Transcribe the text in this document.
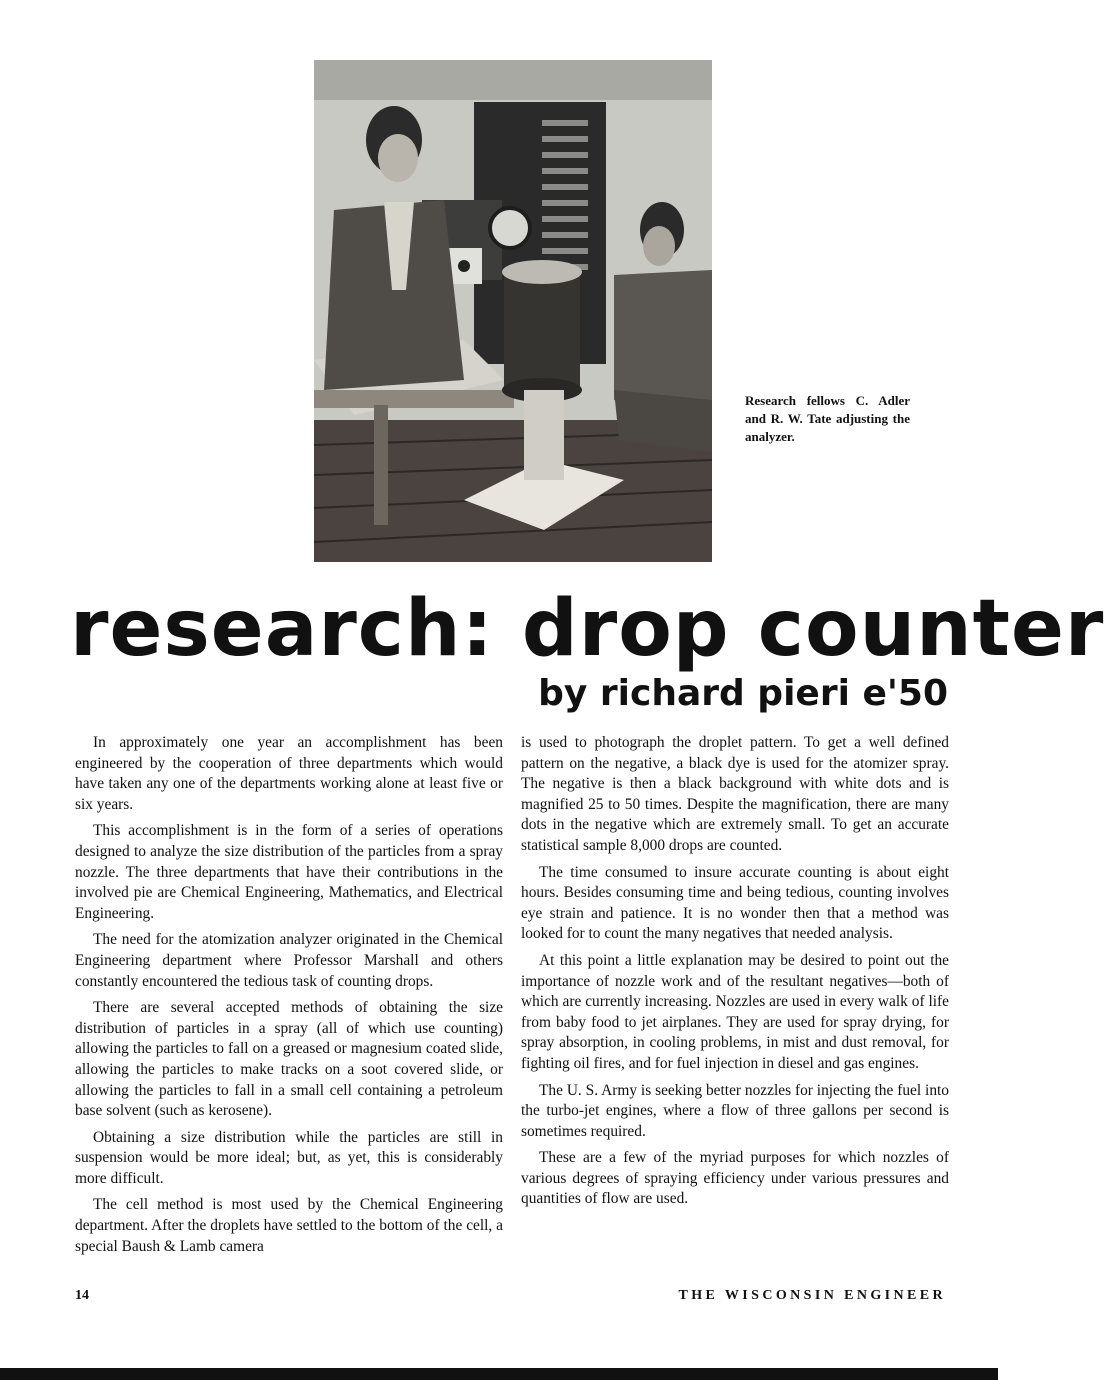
Research fellows C. Adler and R. W. Tate adjusting the analyzer.
research: drop counter
by richard pieri e'50

In approximately one year an accomplishment has been engineered by the cooperation of three departments which would have taken any one of the departments working alone at least five or six years.

This accomplishment is in the form of a series of operations designed to analyze the size distribution of the particles from a spray nozzle. The three departments that have their contributions in the involved pie are Chemical Engineering, Mathematics, and Electrical Engineering.

The need for the atomization analyzer originated in the Chemical Engineering department where Professor Marshall and others constantly encountered the tedious task of counting drops.

There are several accepted methods of obtaining the size distribution of particles in a spray (all of which use counting) allowing the particles to fall on a greased or magnesium coated slide, allowing the particles to make tracks on a soot covered slide, or allowing the particles to fall in a small cell containing a petroleum base solvent (such as kerosene).

Obtaining a size distribution while the particles are still in suspension would be more ideal; but, as yet, this is considerably more difficult.

The cell method is most used by the Chemical Engineering department. After the droplets have settled to the bottom of the cell, a special Baush & Lamb camera

is used to photograph the droplet pattern. To get a well defined pattern on the negative, a black dye is used for the atomizer spray. The negative is then a black background with white dots and is magnified 25 to 50 times. Despite the magnification, there are many dots in the negative which are extremely small. To get an accurate statistical sample 8,000 drops are counted.

The time consumed to insure accurate counting is about eight hours. Besides consuming time and being tedious, counting involves eye strain and patience. It is no wonder then that a method was looked for to count the many negatives that needed analysis.

At this point a little explanation may be desired to point out the importance of nozzle work and of the resultant negatives—both of which are currently increasing. Nozzles are used in every walk of life from baby food to jet airplanes. They are used for spray drying, for spray absorption, in cooling problems, in mist and dust removal, for fighting oil fires, and for fuel injection in diesel and gas engines.

The U. S. Army is seeking better nozzles for injecting the fuel into the turbo-jet engines, where a flow of three gallons per second is sometimes required.

These are a few of the myriad purposes for which nozzles of various degrees of spraying efficiency under various pressures and quantities of flow are used.

14	THE WISCONSIN ENGINEER
